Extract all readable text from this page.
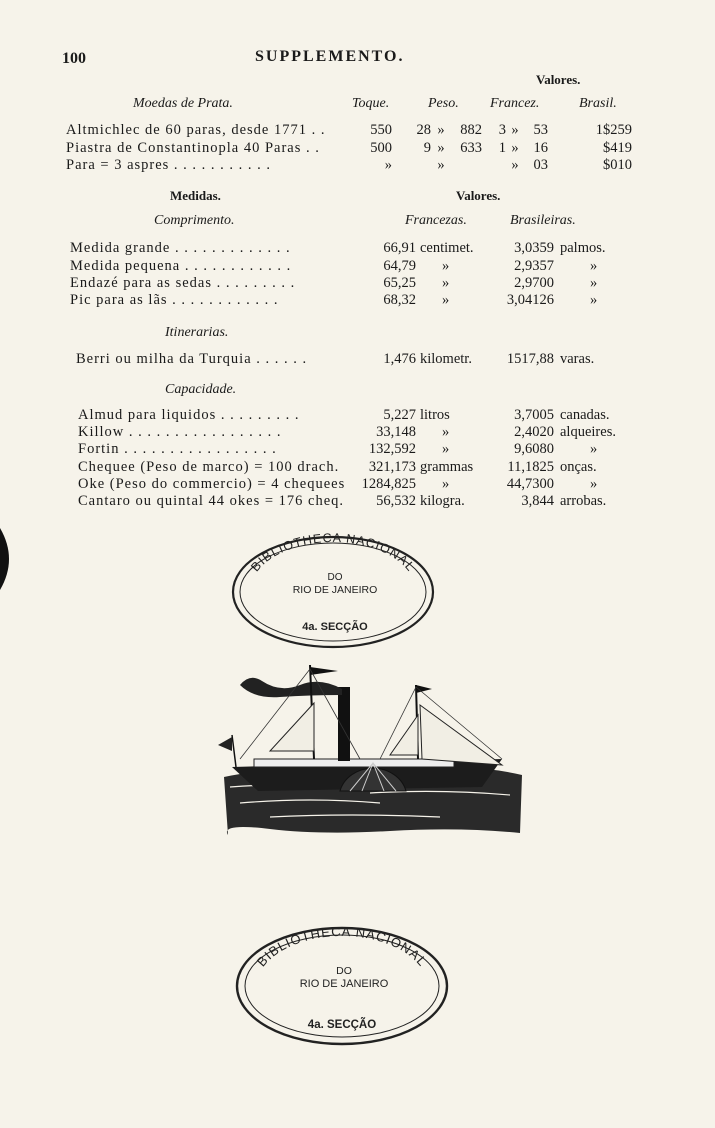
100	SUPPLEMENTO.
Valores.
Moedas de Prata.	Toque.	Peso. Francez.	Brasil.
Altmichlec de 60 paras, desde 1771 . .	550	28 »	882	3 »	53	1$259
Piastra de Constantinopla 40 Paras . .	500	9 »	633	1 »	16	$419
Para = 3 aspres . . . . . . . . . . .	»	»	»	03	$010
Medidas.	Valores.
Comprimento.	Francezas.	Brasileiras.
Medida grande . . . . . . . . . . . . .	66,91 centimet.	3,0359 palmos.
Medida pequena . . . . . . . . . . . .	64,79	»	2,9357	»
Endazé para as sedas . . . . . . . . .	65,25	»	2,9700	»
Pic para as lãs . . . . . . . . . . . .	68,32	»	3,04126	»
Itinerarias.
Berri ou milha da Turquia . . . . . .	1,476 kilometr.	1517,88 varas.
Capacidade.
Almud para liquidos . . . . . . . . .	5,227 litros	3,7005 canadas.
Killow . . . . . . . . . . . . . . . . .	33,148	»	2,4020 alqueires.
Fortin . . . . . . . . . . . . . . . . .	132,592	»	9,6080	»
Chequee (Peso de marco) = 100 drach.	321,173 grammas	11,1825 onças.
Oke (Peso do commercio) = 4 chequees	1284,825	»	44,7300	»
Cantaro ou quintal 44 okes = 176 cheq.	56,532 kilogra.	3,844 arrobas.
BIBLIOTHECA NACIONAL
DO
RIO DE JANEIRO
4a. SECÇÃO
BIBLIOTHECA NACIONAL
DO
RIO DE JANEIRO
4a. SECÇÃO
